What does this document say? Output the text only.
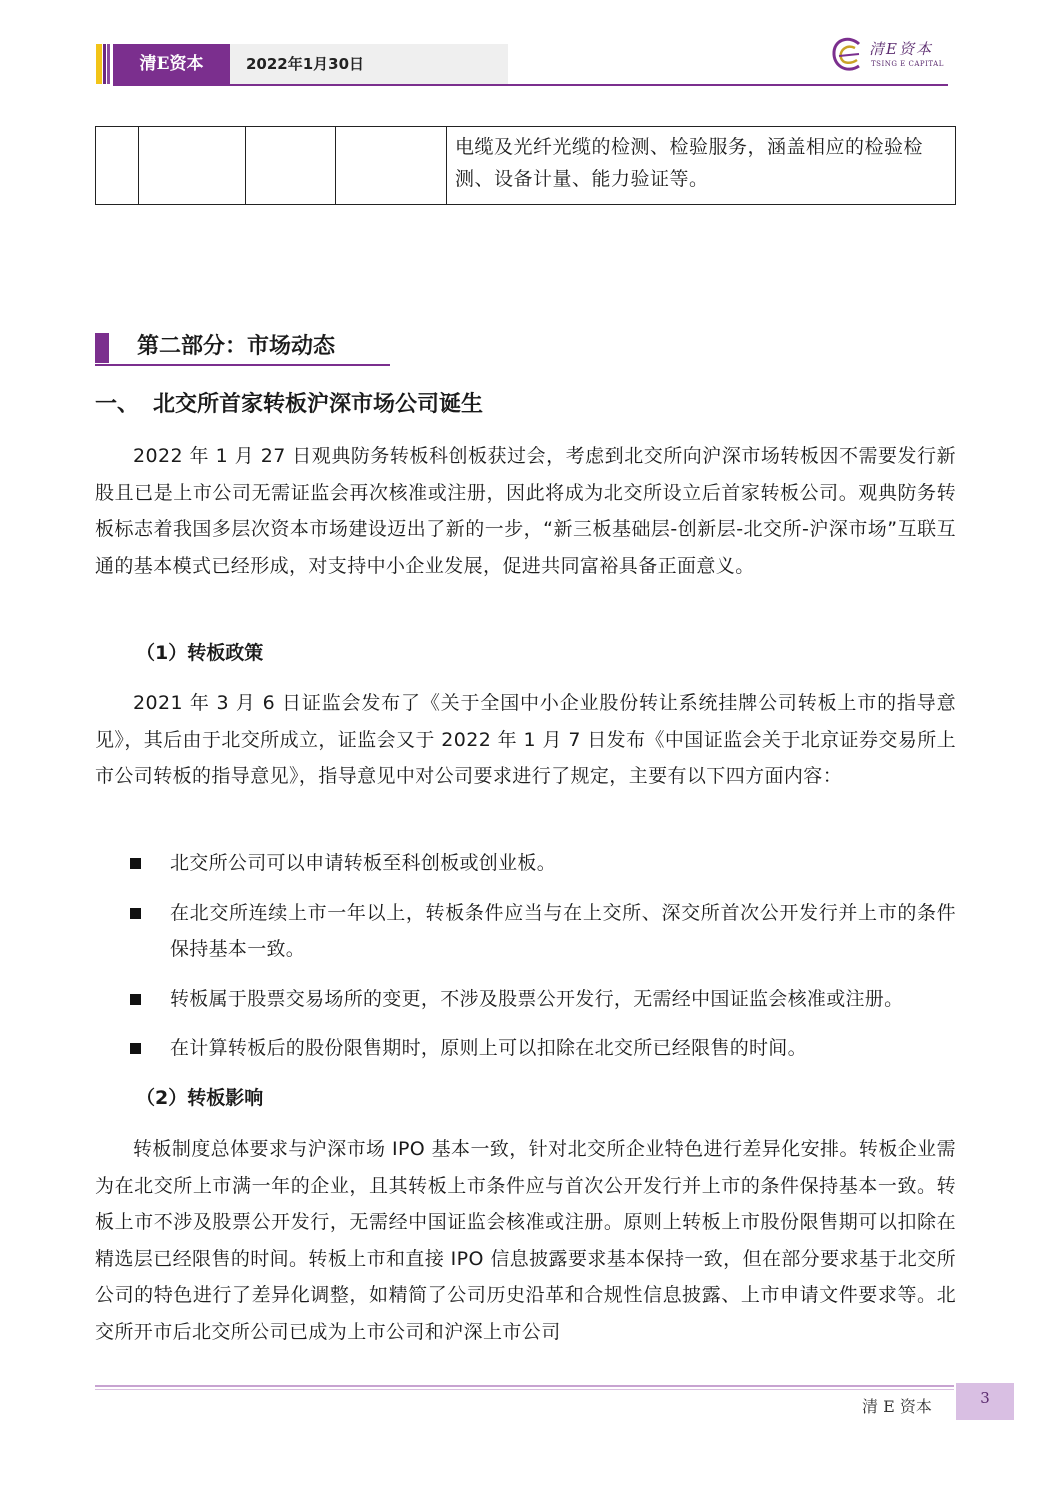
清E资本	2022年1月30日
清E资本
TSING E CAPITAL
				电缆及光纤光缆的检测、检验服务，涵盖相应的检验检测、设备计量、能力验证等。
第二部分：市场动态
一、 北交所首家转板沪深市场公司诞生

2022 年 1 月 27 日观典防务转板科创板获过会，考虑到北交所向沪深市场转板因不需要发行新股且已是上市公司无需证监会再次核准或注册，因此将成为北交所设立后首家转板公司。观典防务转板标志着我国多层次资本市场建设迈出了新的一步，“新三板基础层-创新层-北交所-沪深市场”互联互通的基本模式已经形成，对支持中小企业发展，促进共同富裕具备正面意义。

（1）转板政策

2021 年 3 月 6 日证监会发布了《关于全国中小企业股份转让系统挂牌公司转板上市的指导意见》，其后由于北交所成立，证监会又于 2022 年 1 月 7 日发布《中国证监会关于北京证券交易所上市公司转板的指导意见》，指导意见中对公司要求进行了规定，主要有以下四方面内容：

北交所公司可以申请转板至科创板或创业板。
在北交所连续上市一年以上，转板条件应当与在上交所、深交所首次公开发行并上市的条件保持基本一致。
转板属于股票交易场所的变更，不涉及股票公开发行，无需经中国证监会核准或注册。
在计算转板后的股份限售期时，原则上可以扣除在北交所已经限售的时间。
（2）转板影响

转板制度总体要求与沪深市场 IPO 基本一致，针对北交所企业特色进行差异化安排。转板企业需为在北交所上市满一年的企业，且其转板上市条件应与首次公开发行并上市的条件保持基本一致。转板上市不涉及股票公开发行，无需经中国证监会核准或注册。原则上转板上市股份限售期可以扣除在精选层已经限售的时间。转板上市和直接 IPO 信息披露要求基本保持一致，但在部分要求基于北交所公司的特色进行了差异化调整，如精简了公司历史沿革和合规性信息披露、上市申请文件要求等。北交所开市后北交所公司已成为上市公司和沪深上市公司

清 E 资本	3
